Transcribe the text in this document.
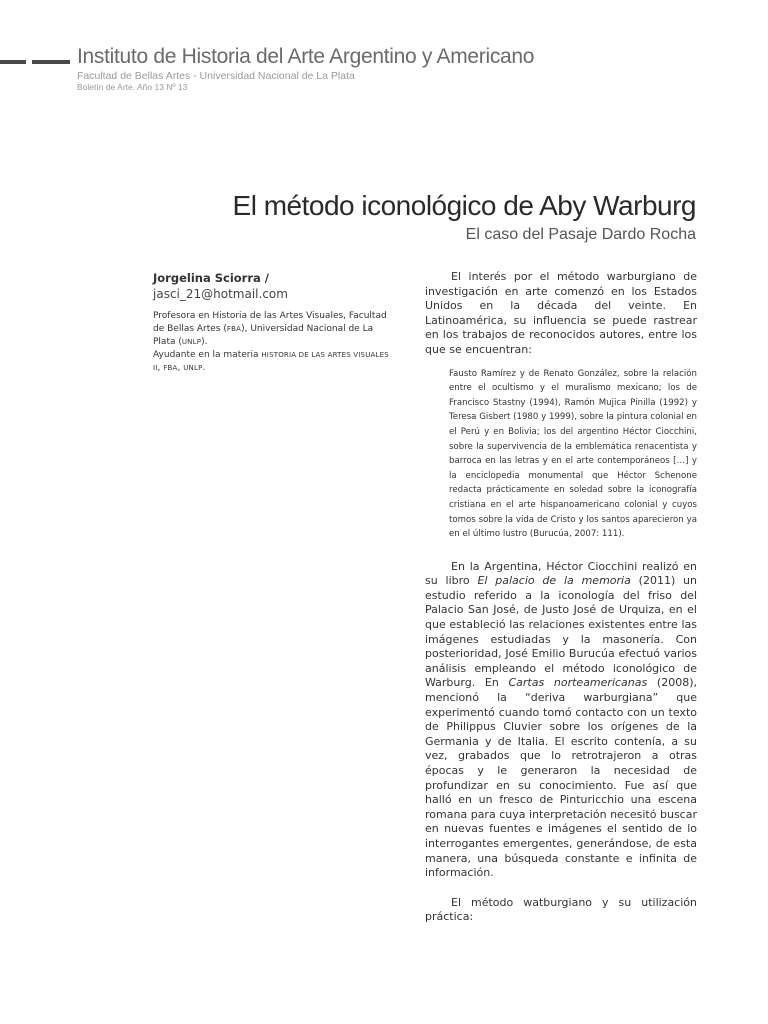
Instituto de Historia del Arte Argentino y Americano
Facultad de Bellas Artes - Universidad Nacional de La Plata
Boletín de Arte. Año 13 Nº 13
El método iconológico de Aby Warburg
El caso del Pasaje Dardo Rocha
Jorgelina Sciorra /
jasci_21@hotmail.com

Profesora en Historia de las Artes Visuales, Facultad de Bellas Artes (FBA), Universidad Nacional de La Plata (UNLP).

Ayudante en la materia HISTORIA DE LAS ARTES VISUALES II, FBA, UNLP.

El interés por el método warburgiano de investigación en arte comenzó en los Estados Unidos en la década del veinte. En Latinoamérica, su influencia se puede rastrear en los trabajos de reconocidos autores, entre los que se encuentran:

Fausto Ramírez y de Renato González, sobre la relación entre el ocultismo y el muralismo mexicano; los de Francisco Stastny (1994), Ramón Mujica Pinilla (1992) y Teresa Gisbert (1980 y 1999), sobre la pintura colonial en el Perú y en Bolivia; los del argentino Héctor Ciocchini, sobre la supervivencia de la emblemática renacentista y barroca en las letras y en el arte contemporáneos […] y la enciclopedia monumental que Héctor Schenone redacta prácticamente en soledad sobre la iconografía cristiana en el arte hispanoamericano colonial y cuyos tomos sobre la vida de Cristo y los santos aparecieron ya en el último lustro (Burucúa, 2007: 111).

En la Argentina, Héctor Ciocchini realizó en su libro El palacio de la memoria (2011) un estudio referido a la iconología del friso del Palacio San José, de Justo José de Urquiza, en el que estableció las relaciones existentes entre las imágenes estudiadas y la masonería. Con posterioridad, José Emilio Burucúa efectuó varios análisis empleando el método iconológico de Warburg. En Cartas norteamericanas (2008), mencionó la “deriva warburgiana” que experimentó cuando tomó contacto con un texto de Philippus Cluvier sobre los orígenes de la Germania y de Italia. El escrito contenía, a su vez, grabados que lo retrotrajeron a otras épocas y le generaron la necesidad de profundizar en su conocimiento. Fue así que halló en un fresco de Pinturicchio una escena romana para cuya interpretación necesitó buscar en nuevas fuentes e imágenes el sentido de lo interrogantes emergentes, generándose, de esta manera, una búsqueda constante e infinita de información.

El método watburgiano y su utilización práctica:
